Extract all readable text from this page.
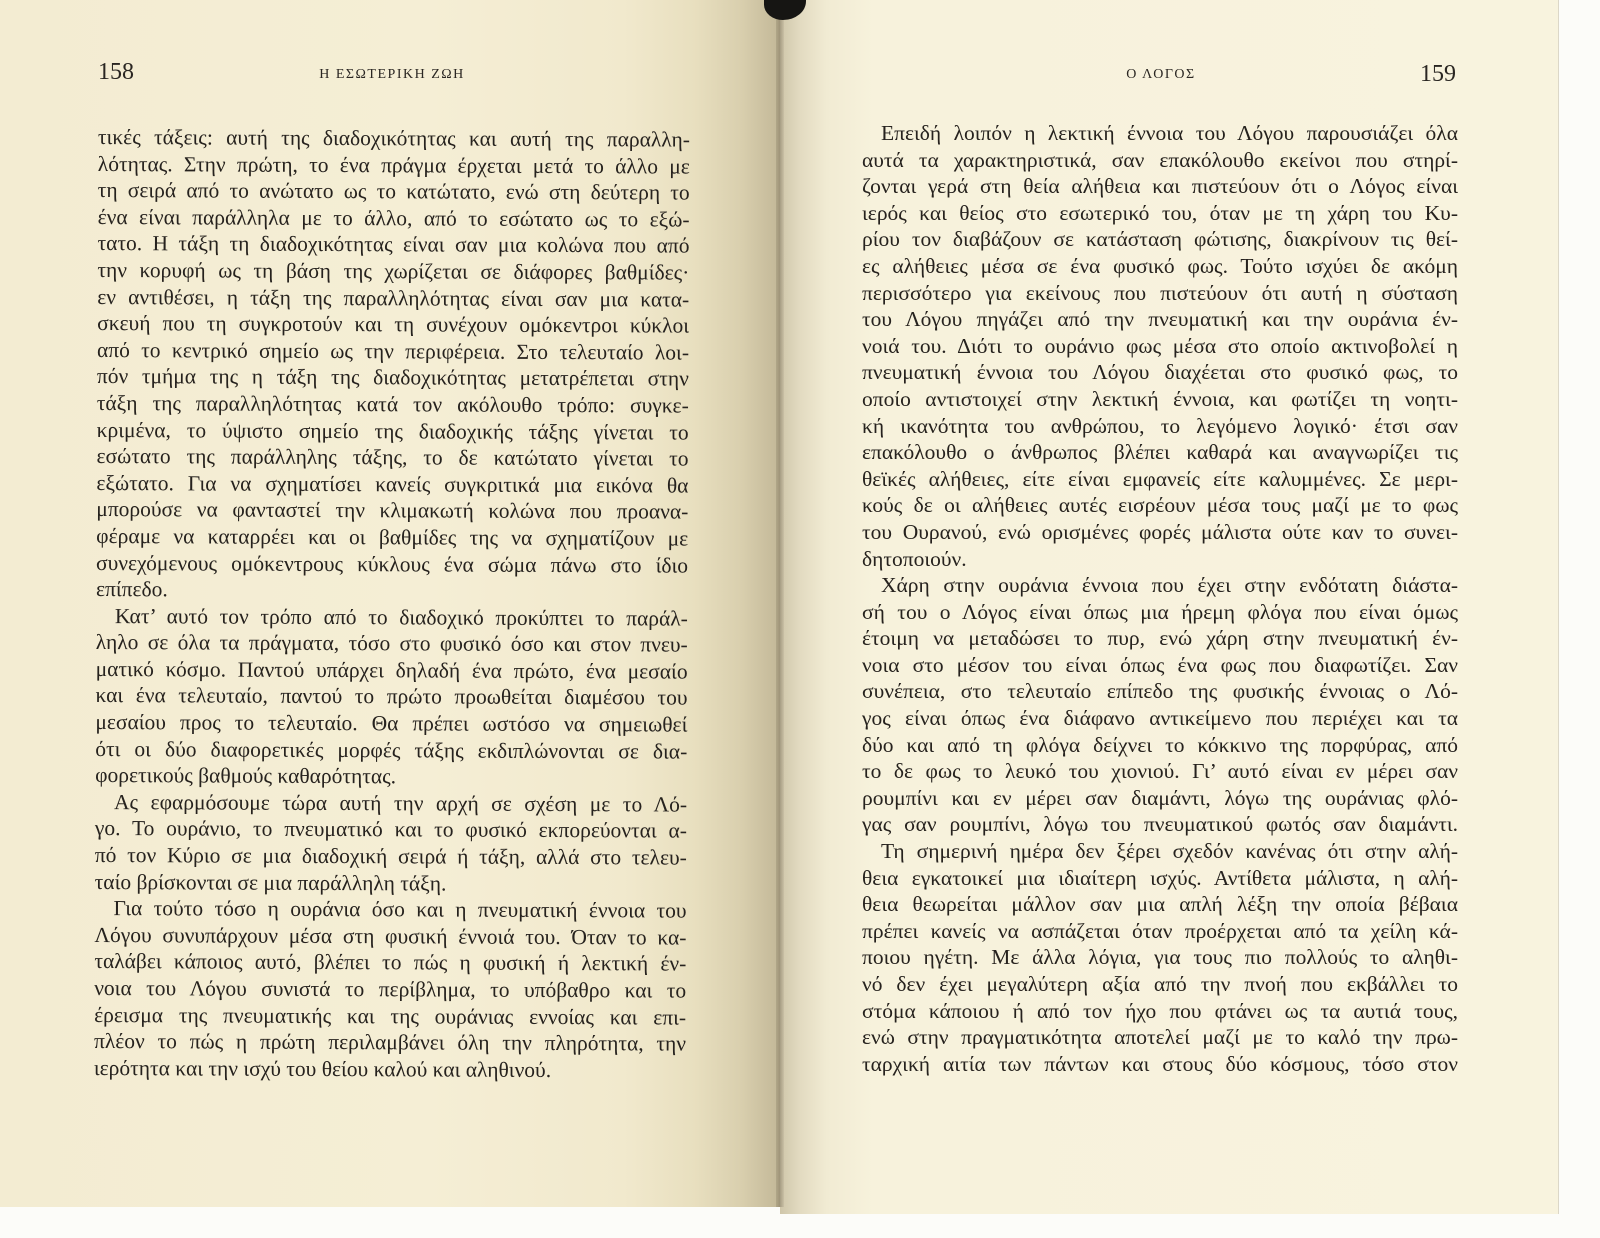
158	Η ΕΣΩΤΕΡΙΚΗ ΖΩΗ
τικές τάξεις: αυτή της διαδοχικότητας και αυτή της παραλλη-
λότητας. Στην πρώτη, το ένα πράγμα έρχεται μετά το άλλο με
τη σειρά από το ανώτατο ως το κατώτατο, ενώ στη δεύτερη το
ένα είναι παράλληλα με το άλλο, από το εσώτατο ως το εξώ-
τατο. Η τάξη τη διαδοχικότητας είναι σαν μια κολώνα που από
την κορυφή ως τη βάση της χωρίζεται σε διάφορες βαθμίδες·
εν αντιθέσει, η τάξη της παραλληλότητας είναι σαν μια κατα-
σκευή που τη συγκροτούν και τη συνέχουν ομόκεντροι κύκλοι
από το κεντρικό σημείο ως την περιφέρεια. Στο τελευταίο λοι-
πόν τμήμα της η τάξη της διαδοχικότητας μετατρέπεται στην
τάξη της παραλληλότητας κατά τον ακόλουθο τρόπο: συγκε-
κριμένα, το ύψιστο σημείο της διαδοχικής τάξης γίνεται το
εσώτατο της παράλληλης τάξης, το δε κατώτατο γίνεται το
εξώτατο. Για να σχηματίσει κανείς συγκριτικά μια εικόνα θα
μπορούσε να φανταστεί την κλιμακωτή κολώνα που προανα-
φέραμε να καταρρέει και οι βαθμίδες της να σχηματίζουν με
συνεχόμενους ομόκεντρους κύκλους ένα σώμα πάνω στο ίδιο
επίπεδο.
Κατ’ αυτό τον τρόπο από το διαδοχικό προκύπτει το παράλ-
ληλο σε όλα τα πράγματα, τόσο στο φυσικό όσο και στον πνευ-
ματικό κόσμο. Παντού υπάρχει δηλαδή ένα πρώτο, ένα μεσαίο
και ένα τελευταίο, παντού το πρώτο προωθείται διαμέσου του
μεσαίου προς το τελευταίο. Θα πρέπει ωστόσο να σημειωθεί
ότι οι δύο διαφορετικές μορφές τάξης εκδιπλώνονται σε δια-
φορετικούς βαθμούς καθαρότητας.
Ας εφαρμόσουμε τώρα αυτή την αρχή σε σχέση με το Λό-
γο. Το ουράνιο, το πνευματικό και το φυσικό εκπορεύονται α-
πό τον Κύριο σε μια διαδοχική σειρά ή τάξη, αλλά στο τελευ-
ταίο βρίσκονται σε μια παράλληλη τάξη.
Για τούτο τόσο η ουράνια όσο και η πνευματική έννοια του
Λόγου συνυπάρχουν μέσα στη φυσική έννοιά του. Όταν το κα-
ταλάβει κάποιος αυτό, βλέπει το πώς η φυσική ή λεκτική έν-
νοια του Λόγου συνιστά το περίβλημα, το υπόβαθρο και το
έρεισμα της πνευματικής και της ουράνιας εννοίας και επι-
πλέον το πώς η πρώτη περιλαμβάνει όλη την πληρότητα, την
ιερότητα και την ισχύ του θείου καλού και αληθινού.
Ο ΛΟΓΟΣ	159
Επειδή λοιπόν η λεκτική έννοια του Λόγου παρουσιάζει όλα
αυτά τα χαρακτηριστικά, σαν επακόλουθο εκείνοι που στηρί-
ζονται γερά στη θεία αλήθεια και πιστεύουν ότι ο Λόγος είναι
ιερός και θείος στο εσωτερικό του, όταν με τη χάρη του Κυ-
ρίου τον διαβάζουν σε κατάσταση φώτισης, διακρίνουν τις θεί-
ες αλήθειες μέσα σε ένα φυσικό φως. Τούτο ισχύει δε ακόμη
περισσότερο για εκείνους που πιστεύουν ότι αυτή η σύσταση
του Λόγου πηγάζει από την πνευματική και την ουράνια έν-
νοιά του. Διότι το ουράνιο φως μέσα στο οποίο ακτινοβολεί η
πνευματική έννοια του Λόγου διαχέεται στο φυσικό φως, το
οποίο αντιστοιχεί στην λεκτική έννοια, και φωτίζει τη νοητι-
κή ικανότητα του ανθρώπου, το λεγόμενο λογικό· έτσι σαν
επακόλουθο ο άνθρωπος βλέπει καθαρά και αναγνωρίζει τις
θεϊκές αλήθειες, είτε είναι εμφανείς είτε καλυμμένες. Σε μερι-
κούς δε οι αλήθειες αυτές εισρέουν μέσα τους μαζί με το φως
του Ουρανού, ενώ ορισμένες φορές μάλιστα ούτε καν το συνει-
δητοποιούν.
Χάρη στην ουράνια έννοια που έχει στην ενδότατη διάστα-
σή του ο Λόγος είναι όπως μια ήρεμη φλόγα που είναι όμως
έτοιμη να μεταδώσει το πυρ, ενώ χάρη στην πνευματική έν-
νοια στο μέσον του είναι όπως ένα φως που διαφωτίζει. Σαν
συνέπεια, στο τελευταίο επίπεδο της φυσικής έννοιας ο Λό-
γος είναι όπως ένα διάφανο αντικείμενο που περιέχει και τα
δύο και από τη φλόγα δείχνει το κόκκινο της πορφύρας, από
το δε φως το λευκό του χιονιού. Γι’ αυτό είναι εν μέρει σαν
ρουμπίνι και εν μέρει σαν διαμάντι, λόγω της ουράνιας φλό-
γας σαν ρουμπίνι, λόγω του πνευματικού φωτός σαν διαμάντι.
Τη σημερινή ημέρα δεν ξέρει σχεδόν κανένας ότι στην αλή-
θεια εγκατοικεί μια ιδιαίτερη ισχύς. Αντίθετα μάλιστα, η αλή-
θεια θεωρείται μάλλον σαν μια απλή λέξη την οποία βέβαια
πρέπει κανείς να ασπάζεται όταν προέρχεται από τα χείλη κά-
ποιου ηγέτη. Με άλλα λόγια, για τους πιο πολλούς το αληθι-
νό δεν έχει μεγαλύτερη αξία από την πνοή που εκβάλλει το
στόμα κάποιου ή από τον ήχο που φτάνει ως τα αυτιά τους,
ενώ στην πραγματικότητα αποτελεί μαζί με το καλό την πρω-
ταρχική αιτία των πάντων και στους δύο κόσμους, τόσο στον
